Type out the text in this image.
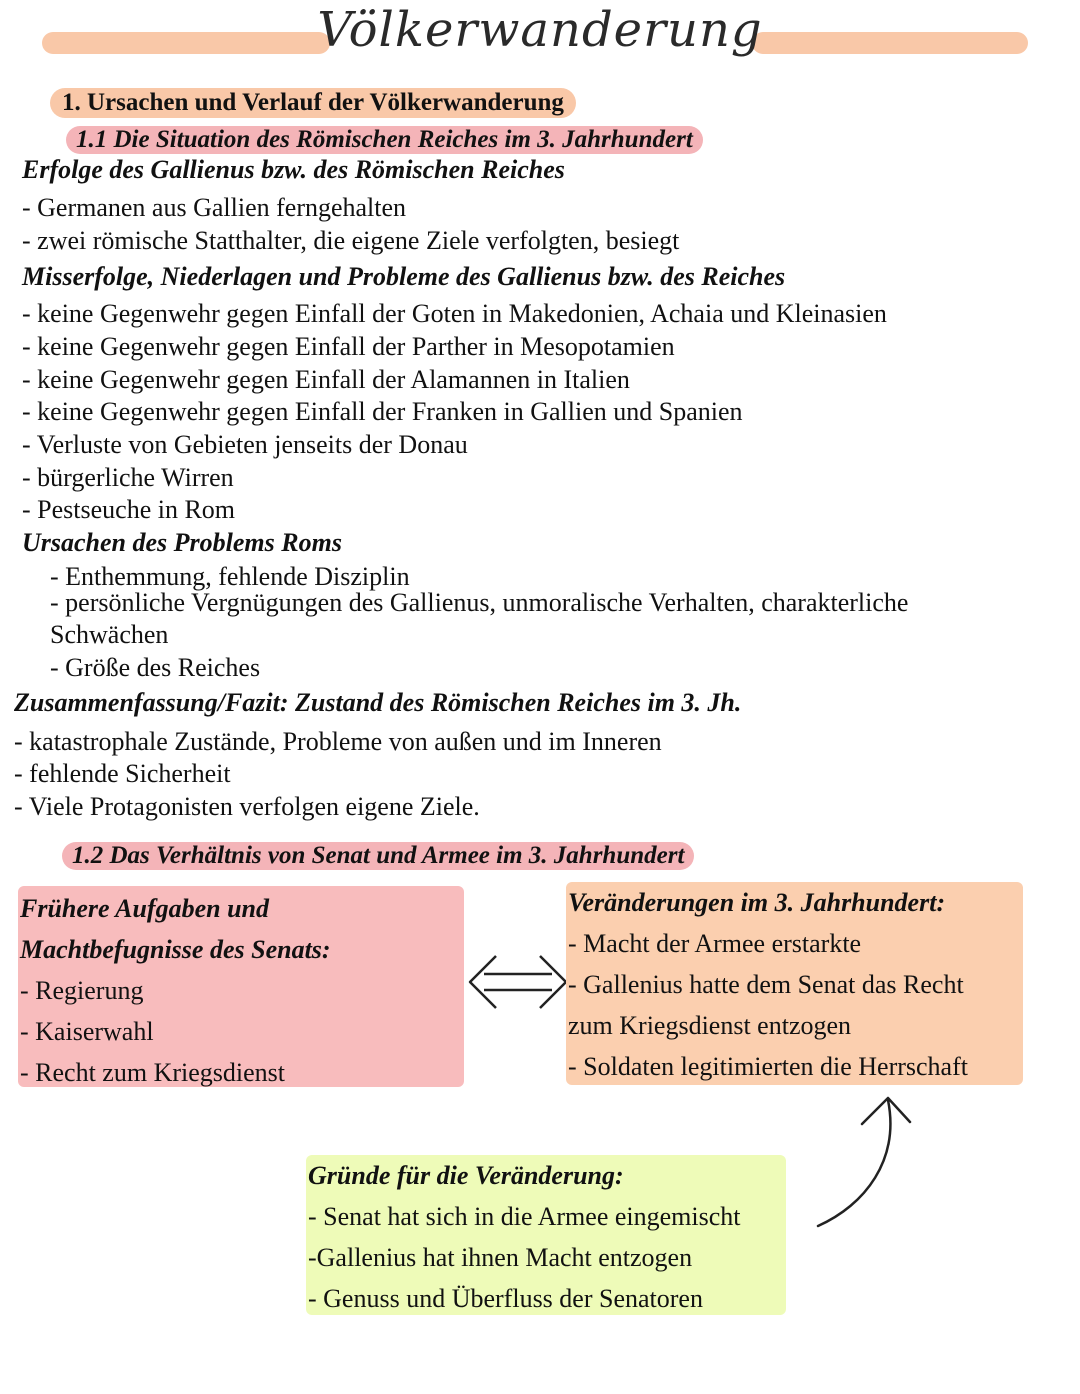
Völkerwanderung
1. Ursachen und Verlauf der Völkerwanderung
1.1 Die Situation des Römischen Reiches im 3. Jahrhundert
Erfolge des Gallienus bzw. des Römischen Reiches
- Germanen aus Gallien ferngehalten
- zwei römische Statthalter, die eigene Ziele verfolgten, besiegt
Misserfolge, Niederlagen und Probleme des Gallienus bzw. des Reiches
- keine Gegenwehr gegen Einfall der Goten in Makedonien, Achaia und Kleinasien
- keine Gegenwehr gegen Einfall der Parther in Mesopotamien
- keine Gegenwehr gegen Einfall der Alamannen in Italien
- keine Gegenwehr gegen Einfall der Franken in Gallien und Spanien
- Verluste von Gebieten jenseits der Donau
- bürgerliche Wirren
- Pestseuche in Rom
Ursachen des Problems Roms
- Enthemmung, fehlende Disziplin
- persönliche Vergnügungen des Gallienus, unmoralische Verhalten, charakterliche
Schwächen
- Größe des Reiches
Zusammenfassung/Fazit: Zustand des Römischen Reiches im 3. Jh.
- katastrophale Zustände, Probleme von außen und im Inneren
- fehlende Sicherheit
- Viele Protagonisten verfolgen eigene Ziele.
1.2 Das Verhältnis von Senat und Armee im 3. Jahrhundert
Frühere Aufgaben und
Machtbefugnisse des Senats:
- Regierung
- Kaiserwahl
- Recht zum Kriegsdienst
Veränderungen im 3. Jahrhundert:
- Macht der Armee erstarkte
- Gallenius hatte dem Senat das Recht
zum Kriegsdienst entzogen
- Soldaten legitimierten die Herrschaft
Gründe für die Veränderung:
- Senat hat sich in die Armee eingemischt
-Gallenius hat ihnen Macht entzogen
- Genuss und Überfluss der Senatoren
